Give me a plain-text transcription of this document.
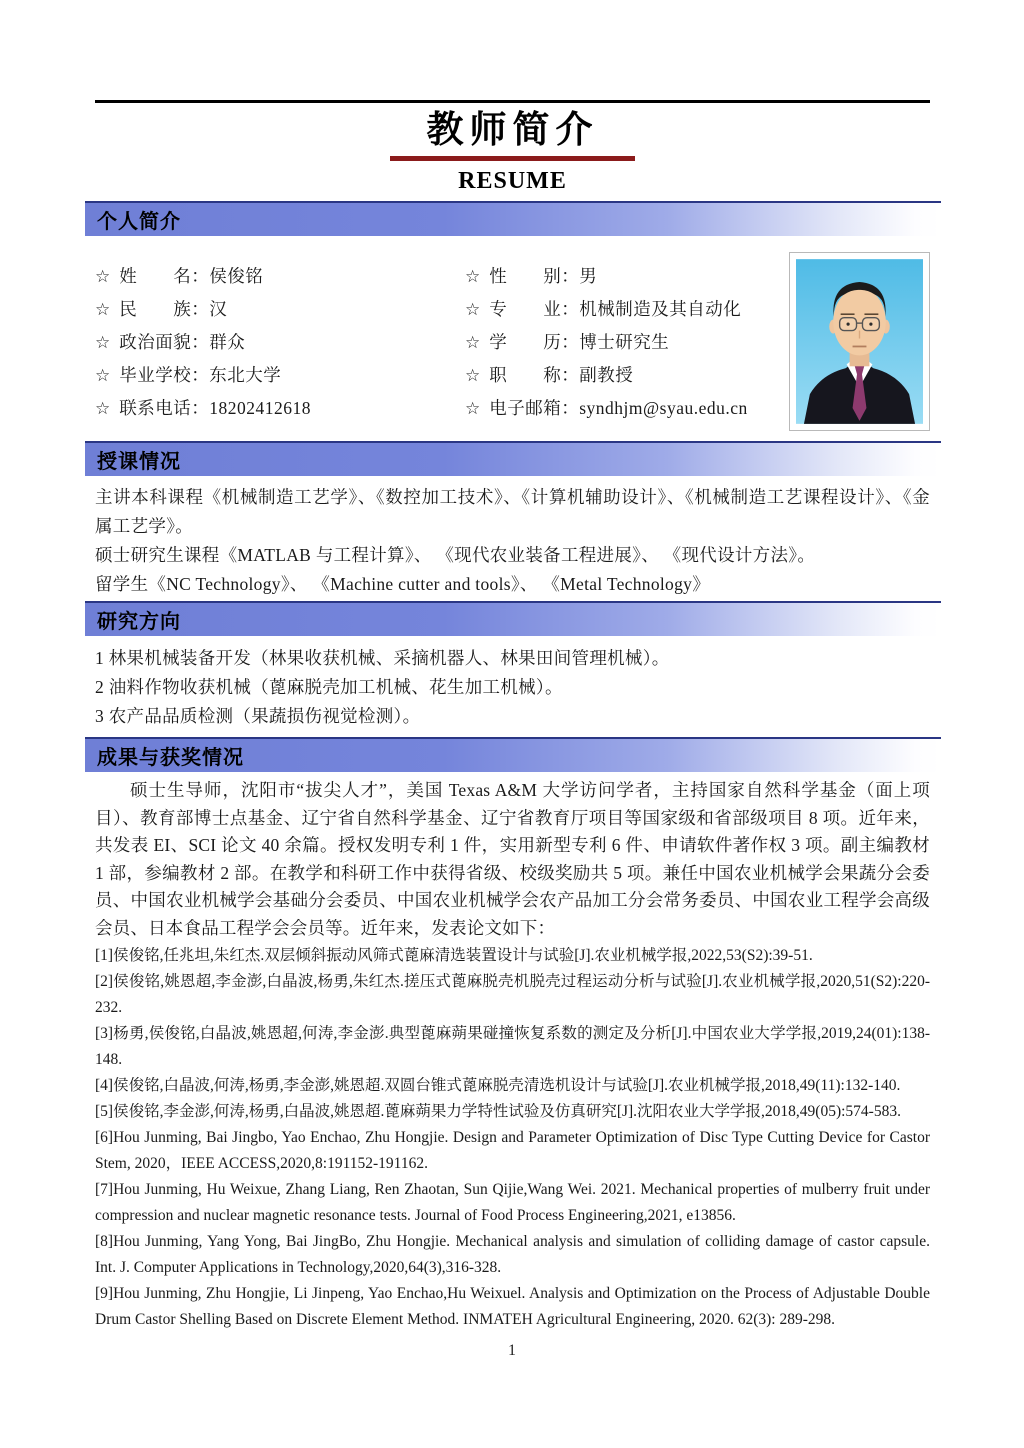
教师简介
RESUME
个人简介
☆ 姓　　名：侯俊铭
☆ 民　　族：汉
☆ 政治面貌：群众
☆ 毕业学校：东北大学
☆ 联系电话：18202412618
☆ 性　　别：男
☆ 专　　业：机械制造及其自动化
☆ 学　　历：博士研究生
☆ 职　　称：副教授
☆ 电子邮箱：syndhjm@syau.edu.cn
授课情况
主讲本科课程《机械制造工艺学》、《数控加工技术》、《计算机辅助设计》、《机械制造工艺课程设计》、《金属工艺学》。
硕士研究生课程《MATLAB 与工程计算》、 《现代农业装备工程进展》、 《现代设计方法》。
留学生《NC Technology》、 《Machine cutter and tools》、 《Metal Technology》
研究方向
1 林果机械装备开发（林果收获机械、采摘机器人、林果田间管理机械）。
2 油料作物收获机械（蓖麻脱壳加工机械、花生加工机械）。
3 农产品品质检测（果蔬损伤视觉检测）。
成果与获奖情况
硕士生导师，沈阳市“拔尖人才”，美国 Texas A&M 大学访问学者，主持国家自然科学基金（面上项目）、教育部博士点基金、辽宁省自然科学基金、辽宁省教育厅项目等国家级和省部级项目 8 项。近年来，共发表 EI、SCI 论文 40 余篇。授权发明专利 1 件，实用新型专利 6 件、申请软件著作权 3 项。副主编教材 1 部，参编教材 2 部。在教学和科研工作中获得省级、校级奖励共 5 项。兼任中国农业机械学会果蔬分会委员、中国农业机械学会基础分会委员、中国农业机械学会农产品加工分会常务委员、中国农业工程学会高级会员、日本食品工程学会会员等。近年来，发表论文如下：

[1]侯俊铭,任兆坦,朱红杰.双层倾斜振动风筛式蓖麻清选装置设计与试验[J].农业机械学报,2022,53(S2):39-51.

[2]侯俊铭,姚恩超,李金澎,白晶波,杨勇,朱红杰.搓压式蓖麻脱壳机脱壳过程运动分析与试验[J].农业机械学报,2020,51(S2):220-232.

[3]杨勇,侯俊铭,白晶波,姚恩超,何涛,李金澎.典型蓖麻蒴果碰撞恢复系数的测定及分析[J].中国农业大学学报,2019,24(01):138-148.

[4]侯俊铭,白晶波,何涛,杨勇,李金澎,姚恩超.双圆台锥式蓖麻脱壳清选机设计与试验[J].农业机械学报,2018,49(11):132-140.

[5]侯俊铭,李金澎,何涛,杨勇,白晶波,姚恩超.蓖麻蒴果力学特性试验及仿真研究[J].沈阳农业大学学报,2018,49(05):574-583.

[6]Hou Junming, Bai Jingbo, Yao Enchao, Zhu Hongjie. Design and Parameter Optimization of Disc Type Cutting Device for Castor Stem, 2020，IEEE ACCESS,2020,8:191152-191162.

[7]Hou Junming, Hu Weixue, Zhang Liang, Ren Zhaotan, Sun Qijie,Wang Wei. 2021. Mechanical properties of mulberry fruit under compression and nuclear magnetic resonance tests. Journal of Food Process Engineering,2021, e13856.

[8]Hou Junming, Yang Yong, Bai JingBo, Zhu Hongjie. Mechanical analysis and simulation of colliding damage of castor capsule. Int. J. Computer Applications in Technology,2020,64(3),316-328.

[9]Hou Junming, Zhu Hongjie, Li Jinpeng, Yao Enchao,Hu Weixuel. Analysis and Optimization on the Process of Adjustable Double Drum Castor Shelling Based on Discrete Element Method. INMATEH Agricultural Engineering, 2020. 62(3): 289-298.

1
